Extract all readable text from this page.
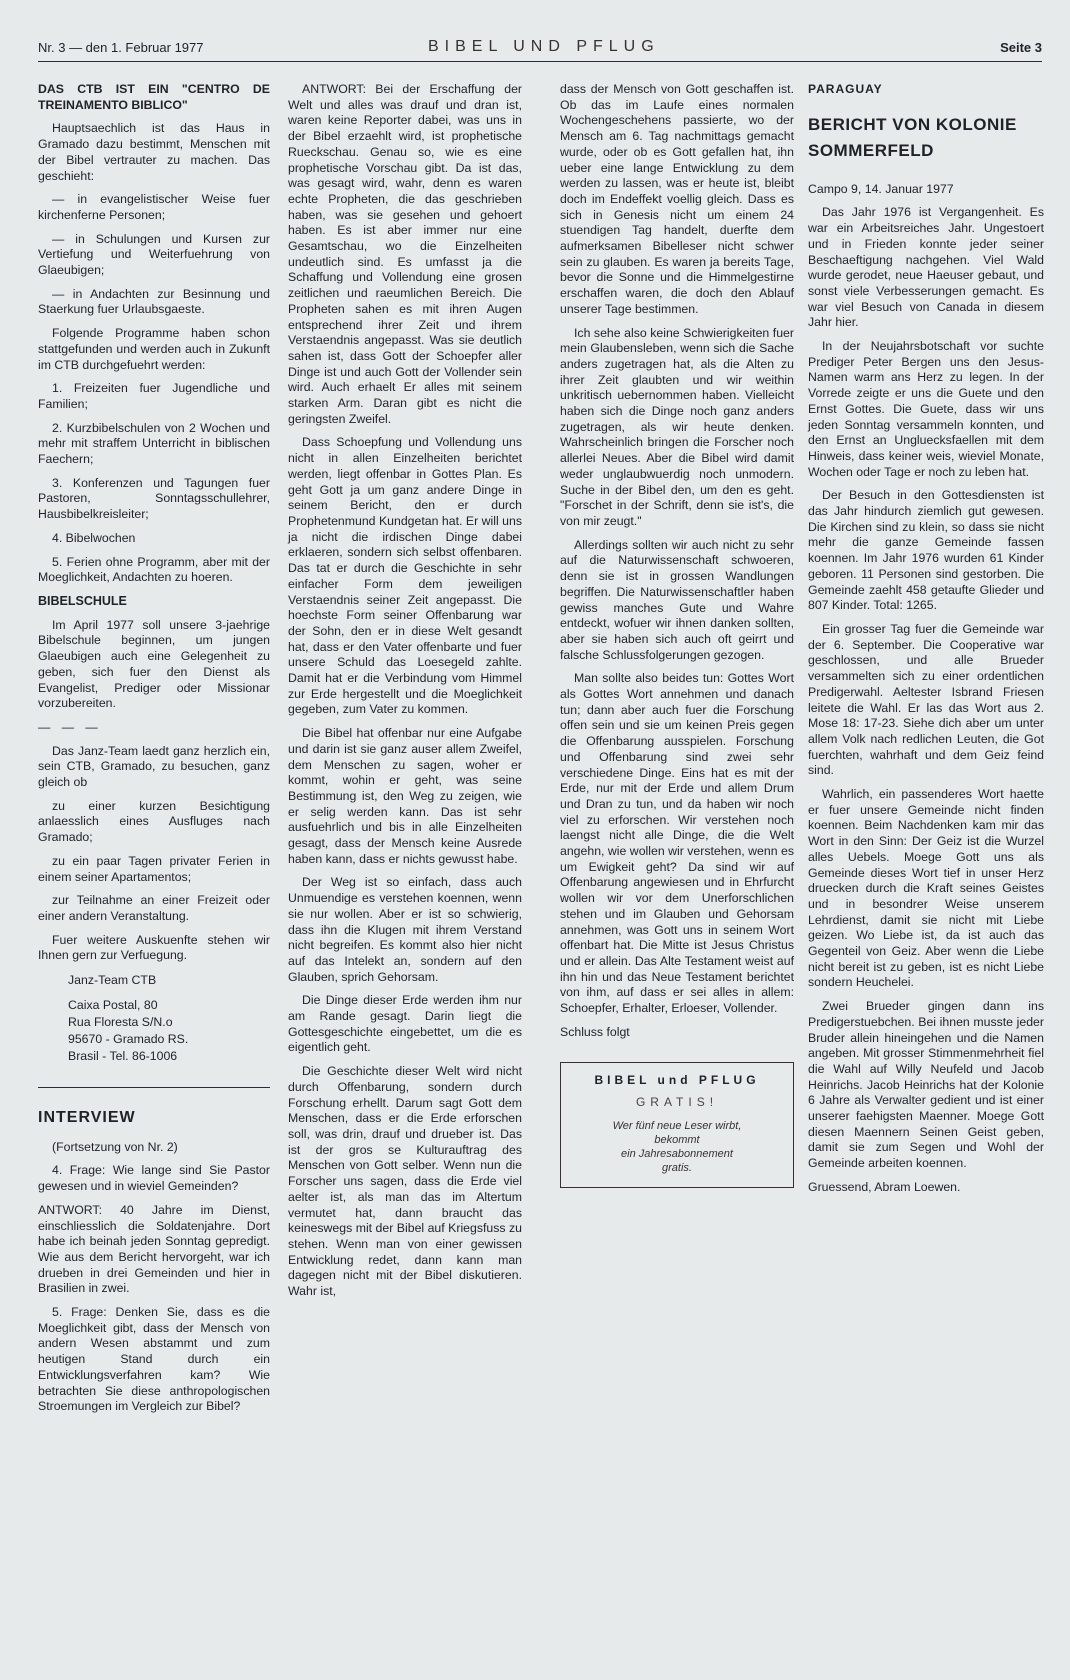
Nr. 3 — den 1. Februar 1977	BIBEL UND PFLUG	Seite 3

DAS CTB IST EIN "CENTRO DE TREINAMENTO BIBLICO"

Hauptsaechlich ist das Haus in Gramado dazu bestimmt, Menschen mit der Bibel vertrauter zu machen. Das geschieht:

— in evangelistischer Weise fuer kirchenferne Personen;

— in Schulungen und Kursen zur Vertiefung und Weiterfuehrung von Glaeubigen;

— in Andachten zur Besinnung und Staerkung fuer Urlaubsgaeste.

Folgende Programme haben schon stattgefunden und werden auch in Zukunft im CTB durchgefuehrt werden:

1. Freizeiten fuer Jugendliche und Familien;

2. Kurzbibelschulen von 2 Wochen und mehr mit straffem Unterricht in biblischen Faechern;

3. Konferenzen und Tagungen fuer Pastoren, Sonntagsschullehrer, Hausbibelkreisleiter;

4. Bibelwochen

5. Ferien ohne Programm, aber mit der Moeglichkeit, Andachten zu hoeren.

BIBELSCHULE

Im April 1977 soll unsere 3-jaehrige Bibelschule beginnen, um jungen Glaeubigen auch eine Gelegenheit zu geben, sich fuer den Dienst als Evangelist, Prediger oder Missionar vorzubereiten.

— — —

Das Janz-Team laedt ganz herzlich ein, sein CTB, Gramado, zu besuchen, ganz gleich ob

zu einer kurzen Besichtigung anlaesslich eines Ausfluges nach Gramado;

zu ein paar Tagen privater Ferien in einem seiner Apartamentos;

zur Teilnahme an einer Freizeit oder einer andern Veranstaltung.

Fuer weitere Auskuenfte stehen wir Ihnen gern zur Verfuegung.

Janz-Team CTB
Caixa Postal, 80
Rua Floresta S/N.o
95670 - Gramado RS.
Brasil - Tel. 86-1006
INTERVIEW

(Fortsetzung von Nr. 2)

4. Frage: Wie lange sind Sie Pastor gewesen und in wieviel Gemeinden?

ANTWORT: 40 Jahre im Dienst, einschliesslich die Soldatenjahre. Dort habe ich beinah jeden Sonntag gepredigt. Wie aus dem Bericht hervorgeht, war ich drueben in drei Gemeinden und hier in Brasilien in zwei.

5. Frage: Denken Sie, dass es die Moeglichkeit gibt, dass der Mensch von andern Wesen abstammt und zum heutigen Stand durch ein Entwicklungsverfahren kam? Wie betrachten Sie diese anthropologischen Stroemungen im Vergleich zur Bibel?

ANTWORT: Bei der Erschaffung der Welt und alles was drauf und dran ist, waren keine Reporter dabei, was uns in der Bibel erzaehlt wird, ist prophetische Rueckschau. Genau so, wie es eine prophetische Vorschau gibt. Da ist das, was gesagt wird, wahr, denn es waren echte Propheten, die das geschrieben haben, was sie gesehen und gehoert haben. Es ist aber immer nur eine Gesamtschau, wo die Einzelheiten undeutlich sind. Es umfasst ja die Schaffung und Vollendung eine grosen zeitlichen und raeumlichen Bereich. Die Propheten sahen es mit ihren Augen entsprechend ihrer Zeit und ihrem Verstaendnis angepasst. Was sie deutlich sahen ist, dass Gott der Schoepfer aller Dinge ist und auch Gott der Vollender sein wird. Auch erhaelt Er alles mit seinem starken Arm. Daran gibt es nicht die geringsten Zweifel.

Dass Schoepfung und Vollendung uns nicht in allen Einzelheiten berichtet werden, liegt offenbar in Gottes Plan. Es geht Gott ja um ganz andere Dinge in seinem Bericht, den er durch Prophetenmund Kundgetan hat. Er will uns ja nicht die irdischen Dinge dabei erklaeren, sondern sich selbst offenbaren. Das tat er durch die Geschichte in sehr einfacher Form dem jeweiligen Verstaendnis seiner Zeit angepasst. Die hoechste Form seiner Offenbarung war der Sohn, den er in diese Welt gesandt hat, dass er den Vater offenbarte und fuer unsere Schuld das Loesegeld zahlte. Damit hat er die Verbindung vom Himmel zur Erde hergestellt und die Moeglichkeit gegeben, zum Vater zu kommen.

Die Bibel hat offenbar nur eine Aufgabe und darin ist sie ganz auser allem Zweifel, dem Menschen zu sagen, woher er kommt, wohin er geht, was seine Bestimmung ist, den Weg zu zeigen, wie er selig werden kann. Das ist sehr ausfuehrlich und bis in alle Einzelheiten gesagt, dass der Mensch keine Ausrede haben kann, dass er nichts gewusst habe.

Der Weg ist so einfach, dass auch Unmuendige es verstehen koennen, wenn sie nur wollen. Aber er ist so schwierig, dass ihn die Klugen mit ihrem Verstand nicht begreifen. Es kommt also hier nicht auf das Intelekt an, sondern auf den Glauben, sprich Gehorsam.

Die Dinge dieser Erde werden ihm nur am Rande gesagt. Darin liegt die Gottesgeschichte eingebettet, um die es eigentlich geht.

Die Geschichte dieser Welt wird nicht durch Offenbarung, sondern durch Forschung erhellt. Darum sagt Gott dem Menschen, dass er die Erde erforschen soll, was drin, drauf und drueber ist. Das ist der gros se Kulturauftrag des Menschen von Gott selber. Wenn nun die Forscher uns sagen, dass die Erde viel aelter ist, als man das im Altertum vermutet hat, dann braucht das keineswegs mit der Bibel auf Kriegsfuss zu stehen. Wenn man von einer gewissen Entwicklung redet, dann kann man dagegen nicht mit der Bibel diskutieren. Wahr ist,

dass der Mensch von Gott geschaffen ist. Ob das im Laufe eines normalen Wochengeschehens passierte, wo der Mensch am 6. Tag nachmittags gemacht wurde, oder ob es Gott gefallen hat, ihn ueber eine lange Entwicklung zu dem werden zu lassen, was er heute ist, bleibt doch im Endeffekt voellig gleich. Dass es sich in Genesis nicht um einem 24 stuendigen Tag handelt, duerfte dem aufmerksamen Bibelleser nicht schwer sein zu glauben. Es waren ja bereits Tage, bevor die Sonne und die Himmelgestirne erschaffen waren, die doch den Ablauf unserer Tage bestimmen.

Ich sehe also keine Schwierigkeiten fuer mein Glaubensleben, wenn sich die Sache anders zugetragen hat, als die Alten zu ihrer Zeit glaubten und wir weithin unkritisch uebernommen haben. Vielleicht haben sich die Dinge noch ganz anders zugetragen, als wir heute denken. Wahrscheinlich bringen die Forscher noch allerlei Neues. Aber die Bibel wird damit weder unglaubwuerdig noch unmodern. Suche in der Bibel den, um den es geht. "Forschet in der Schrift, denn sie ist's, die von mir zeugt."

Allerdings sollten wir auch nicht zu sehr auf die Naturwissenschaft schwoeren, denn sie ist in grossen Wandlungen begriffen. Die Naturwissenschaftler haben gewiss manches Gute und Wahre entdeckt, wofuer wir ihnen danken sollten, aber sie haben sich auch oft geirrt und falsche Schlussfolgerungen gezogen.

Man sollte also beides tun: Gottes Wort als Gottes Wort annehmen und danach tun; dann aber auch fuer die Forschung offen sein und sie um keinen Preis gegen die Offenbarung ausspielen. Forschung und Offenbarung sind zwei sehr verschiedene Dinge. Eins hat es mit der Erde, nur mit der Erde und allem Drum und Dran zu tun, und da haben wir noch viel zu erforschen. Wir verstehen noch laengst nicht alle Dinge, die die Welt angehn, wie wollen wir verstehen, wenn es um Ewigkeit geht? Da sind wir auf Offenbarung angewiesen und in Ehrfurcht wollen wir vor dem Unerforschlichen stehen und im Glauben und Gehorsam annehmen, was Gott uns in seinem Wort offenbart hat. Die Mitte ist Jesus Christus und er allein. Das Alte Testament weist auf ihn hin und das Neue Testament berichtet von ihm, auf dass er sei alles in allem: Schoepfer, Erhalter, Erloeser, Vollender.

Schluss folgt

BIBEL und PFLUG
GRATIS!
Wer fünf neue Leser wirbt,
bekommt
ein Jahresabonnement
gratis.
PARAGUAY
BERICHT VON KOLONIE SOMMERFELD

Campo 9, 14. Januar 1977

Das Jahr 1976 ist Vergangenheit. Es war ein Arbeitsreiches Jahr. Ungestoert und in Frieden konnte jeder seiner Beschaeftigung nachgehen. Viel Wald wurde gerodet, neue Haeuser gebaut, und sonst viele Verbesserungen gemacht. Es war viel Besuch von Canada in diesem Jahr hier.

In der Neujahrsbotschaft vor suchte Prediger Peter Bergen uns den Jesus-Namen warm ans Herz zu legen. In der Vorrede zeigte er uns die Guete und den Ernst Gottes. Die Guete, dass wir uns jeden Sonntag versammeln konnten, und den Ernst an Ungluecksfaellen mit dem Hinweis, dass keiner weis, wieviel Monate, Wochen oder Tage er noch zu leben hat.

Der Besuch in den Gottesdiensten ist das Jahr hindurch ziemlich gut gewesen. Die Kirchen sind zu klein, so dass sie nicht mehr die ganze Gemeinde fassen koennen. Im Jahr 1976 wurden 61 Kinder geboren. 11 Personen sind gestorben. Die Gemeinde zaehlt 458 getaufte Glieder und 807 Kinder. Total: 1265.

Ein grosser Tag fuer die Gemeinde war der 6. September. Die Cooperative war geschlossen, und alle Brueder versammelten sich zu einer ordentlichen Predigerwahl. Aeltester Isbrand Friesen leitete die Wahl. Er las das Wort aus 2. Mose 18: 17-23. Siehe dich aber um unter allem Volk nach redlichen Leuten, die Got fuerchten, wahrhaft und dem Geiz feind sind.

Wahrlich, ein passenderes Wort haette er fuer unsere Gemeinde nicht finden koennen. Beim Nachdenken kam mir das Wort in den Sinn: Der Geiz ist die Wurzel alles Uebels. Moege Gott uns als Gemeinde dieses Wort tief in unser Herz druecken durch die Kraft seines Geistes und in besondrer Weise unserem Lehrdienst, damit sie nicht mit Liebe geizen. Wo Liebe ist, da ist auch das Gegenteil von Geiz. Aber wenn die Liebe nicht bereit ist zu geben, ist es nicht Liebe sondern Heuchelei.

Zwei Brueder gingen dann ins Predigerstuebchen. Bei ihnen musste jeder Bruder allein hineingehen und die Namen angeben. Mit grosser Stimmenmehrheit fiel die Wahl auf Willy Neufeld und Jacob Heinrichs. Jacob Heinrichs hat der Kolonie 6 Jahre als Verwalter gedient und ist einer unserer faehigsten Maenner. Moege Gott diesen Maennern Seinen Geist geben, damit sie zum Segen und Wohl der Gemeinde arbeiten koennen.

Gruessend, Abram Loewen.
